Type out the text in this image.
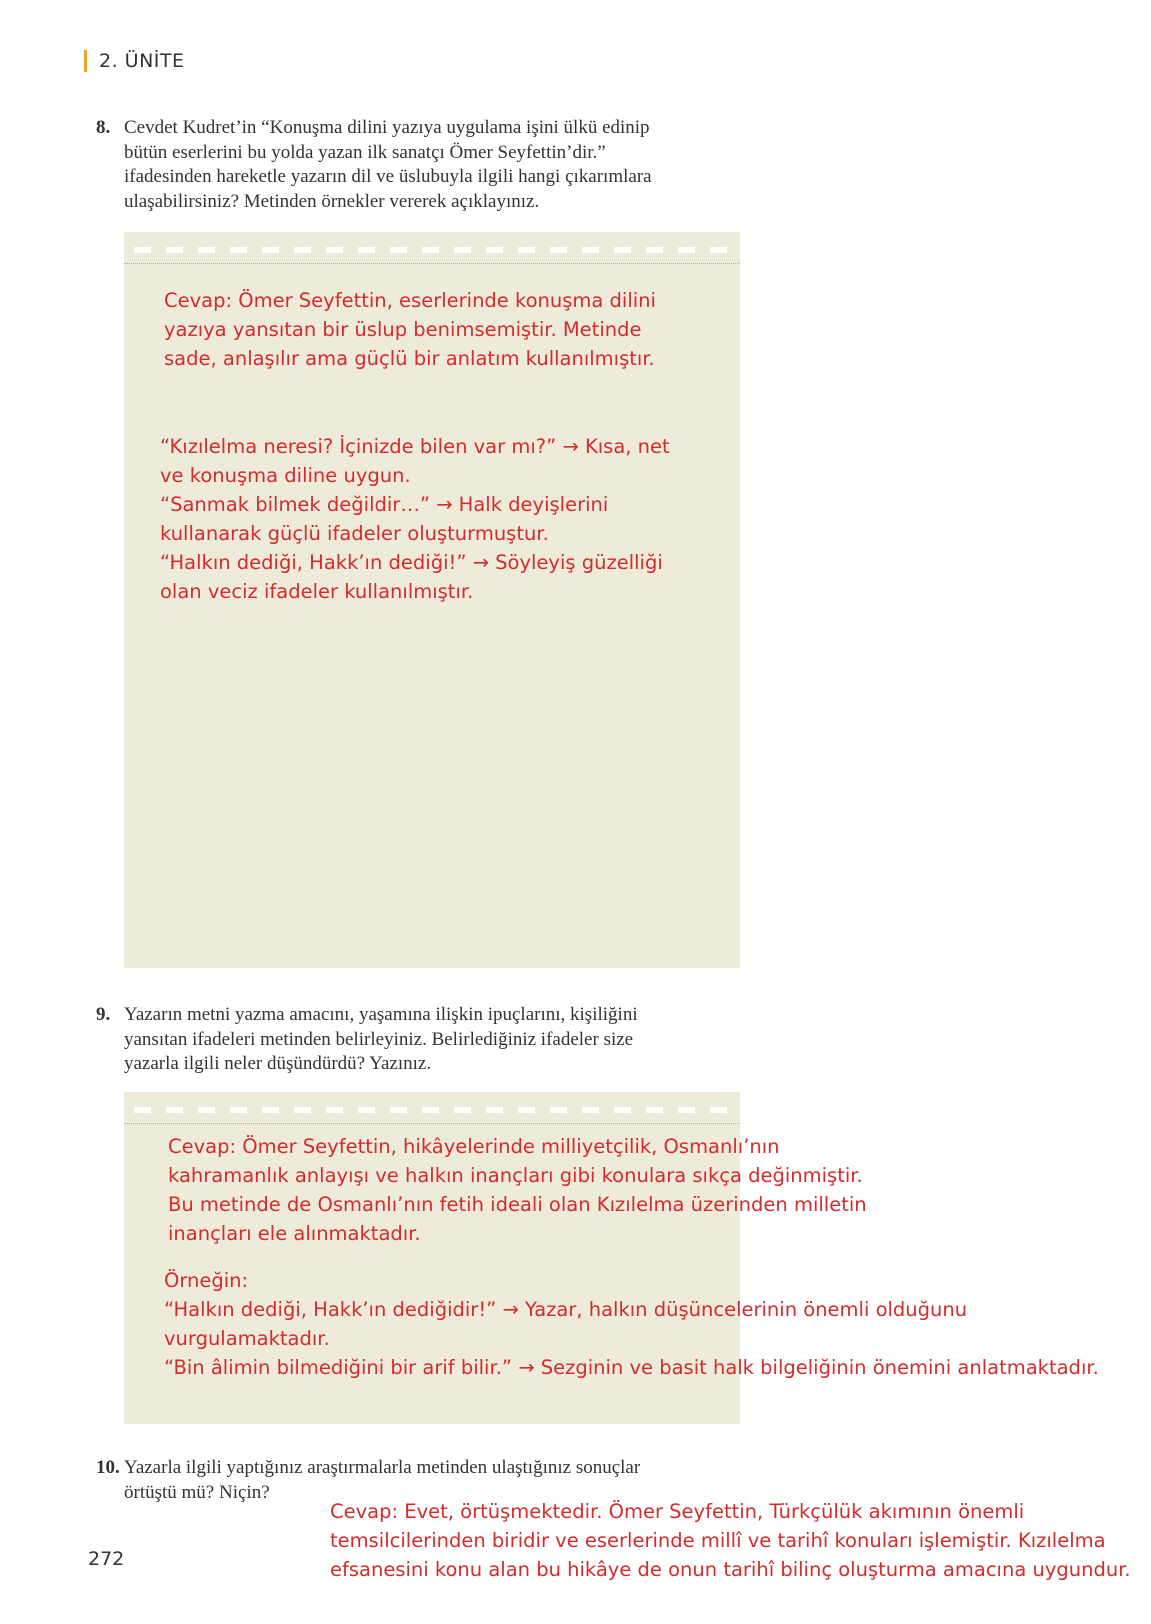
2. ÜNİTE
8. Cevdet Kudret’in “Konuşma dilini yazıya uygulama işini ülkü edinip
bütün eserlerini bu yolda yazan ilk sanatçı Ömer Seyfettin’dir.”
ifadesinden hareketle yazarın dil ve üslubuyla ilgili hangi çıkarımlara
ulaşabilirsiniz? Metinden örnekler vererek açıklayınız.
Cevap: Ömer Seyfettin, eserlerinde konuşma dilini
yazıya yansıtan bir üslup benimsemiştir. Metinde
sade, anlaşılır ama güçlü bir anlatım kullanılmıştır.
“Kızılelma neresi? İçinizde bilen var mı?” → Kısa, net
ve konuşma diline uygun.
“Sanmak bilmek değildir…” → Halk deyişlerini
kullanarak güçlü ifadeler oluşturmuştur.
“Halkın dediği, Hakk’ın dediği!” → Söyleyiş güzelliği
olan veciz ifadeler kullanılmıştır.
9. Yazarın metni yazma amacını, yaşamına ilişkin ipuçlarını, kişiliğini
yansıtan ifadeleri metinden belirleyiniz. Belirlediğiniz ifadeler size
yazarla ilgili neler düşündürdü? Yazınız.
Cevap: Ömer Seyfettin, hikâyelerinde milliyetçilik, Osmanlı’nın
kahramanlık anlayışı ve halkın inançları gibi konulara sıkça değinmiştir.
Bu metinde de Osmanlı’nın fetih ideali olan Kızılelma üzerinden milletin
inançları ele alınmaktadır.
Örneğin:
“Halkın dediği, Hakk’ın dediğidir!” → Yazar, halkın düşüncelerinin önemli olduğunu
vurgulamaktadır.
“Bin âlimin bilmediğini bir arif bilir.” → Sezginin ve basit halk bilgeliğinin önemini anlatmaktadır.
10. Yazarla ilgili yaptığınız araştırmalarla metinden ulaştığınız sonuçlar
örtüştü mü? Niçin?
Cevap: Evet, örtüşmektedir. Ömer Seyfettin, Türkçülük akımının önemli
temsilcilerinden biridir ve eserlerinde millî ve tarihî konuları işlemiştir. Kızılelma
efsanesini konu alan bu hikâye de onun tarihî bilinç oluşturma amacına uygundur.
272
